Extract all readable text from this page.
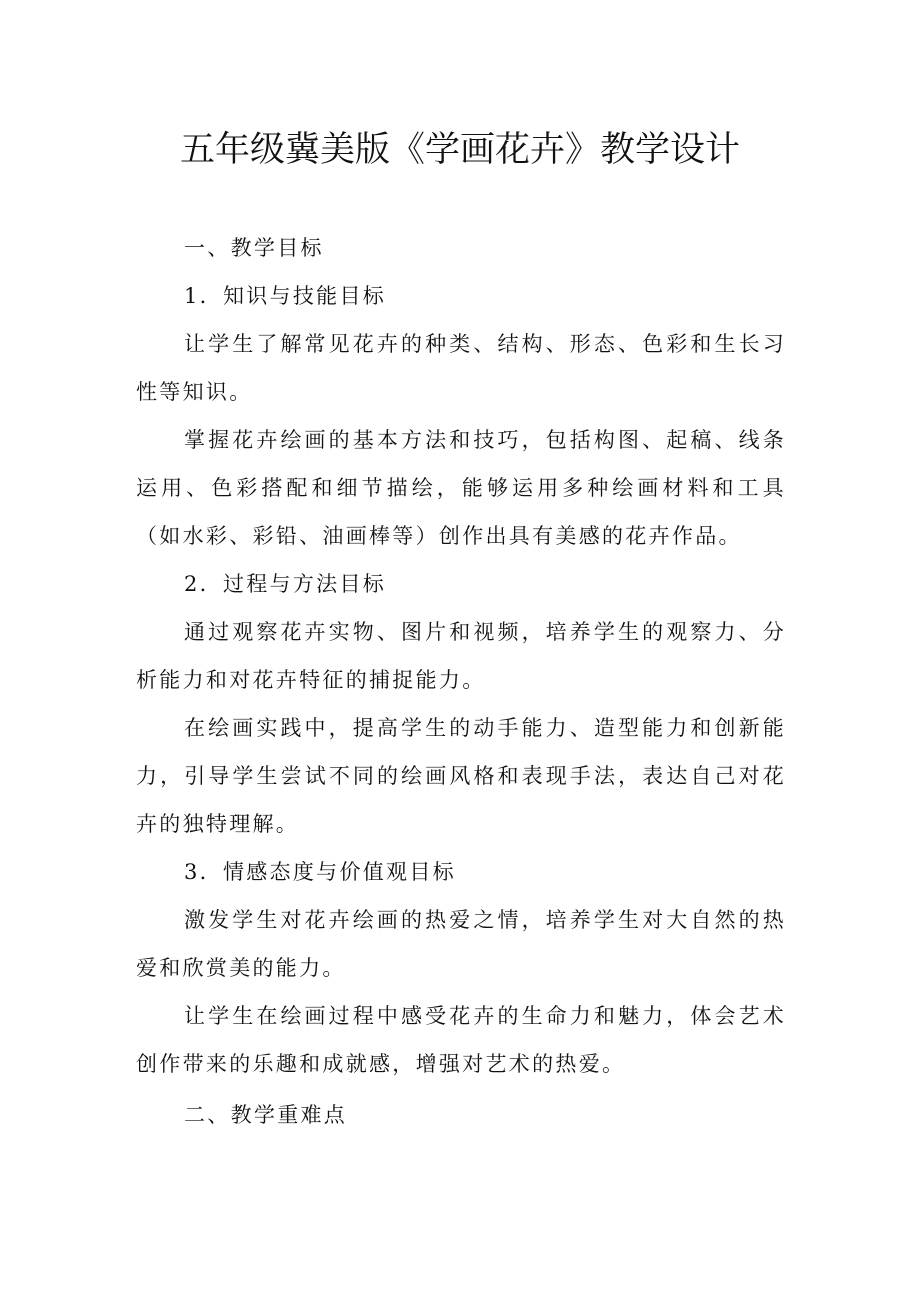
五年级冀美版《学画花卉》教学设计

一、教学目标

1．知识与技能目标

让学生了解常见花卉的种类、结构、形态、色彩和生长习性等知识。

掌握花卉绘画的基本方法和技巧，包括构图、起稿、线条运用、色彩搭配和细节描绘，能够运用多种绘画材料和工具（如水彩、彩铅、油画棒等）创作出具有美感的花卉作品。

2．过程与方法目标

通过观察花卉实物、图片和视频，培养学生的观察力、分析能力和对花卉特征的捕捉能力。

在绘画实践中，提高学生的动手能力、造型能力和创新能力，引导学生尝试不同的绘画风格和表现手法，表达自己对花卉的独特理解。

3．情感态度与价值观目标

激发学生对花卉绘画的热爱之情，培养学生对大自然的热爱和欣赏美的能力。

让学生在绘画过程中感受花卉的生命力和魅力，体会艺术创作带来的乐趣和成就感，增强对艺术的热爱。

二、教学重难点
